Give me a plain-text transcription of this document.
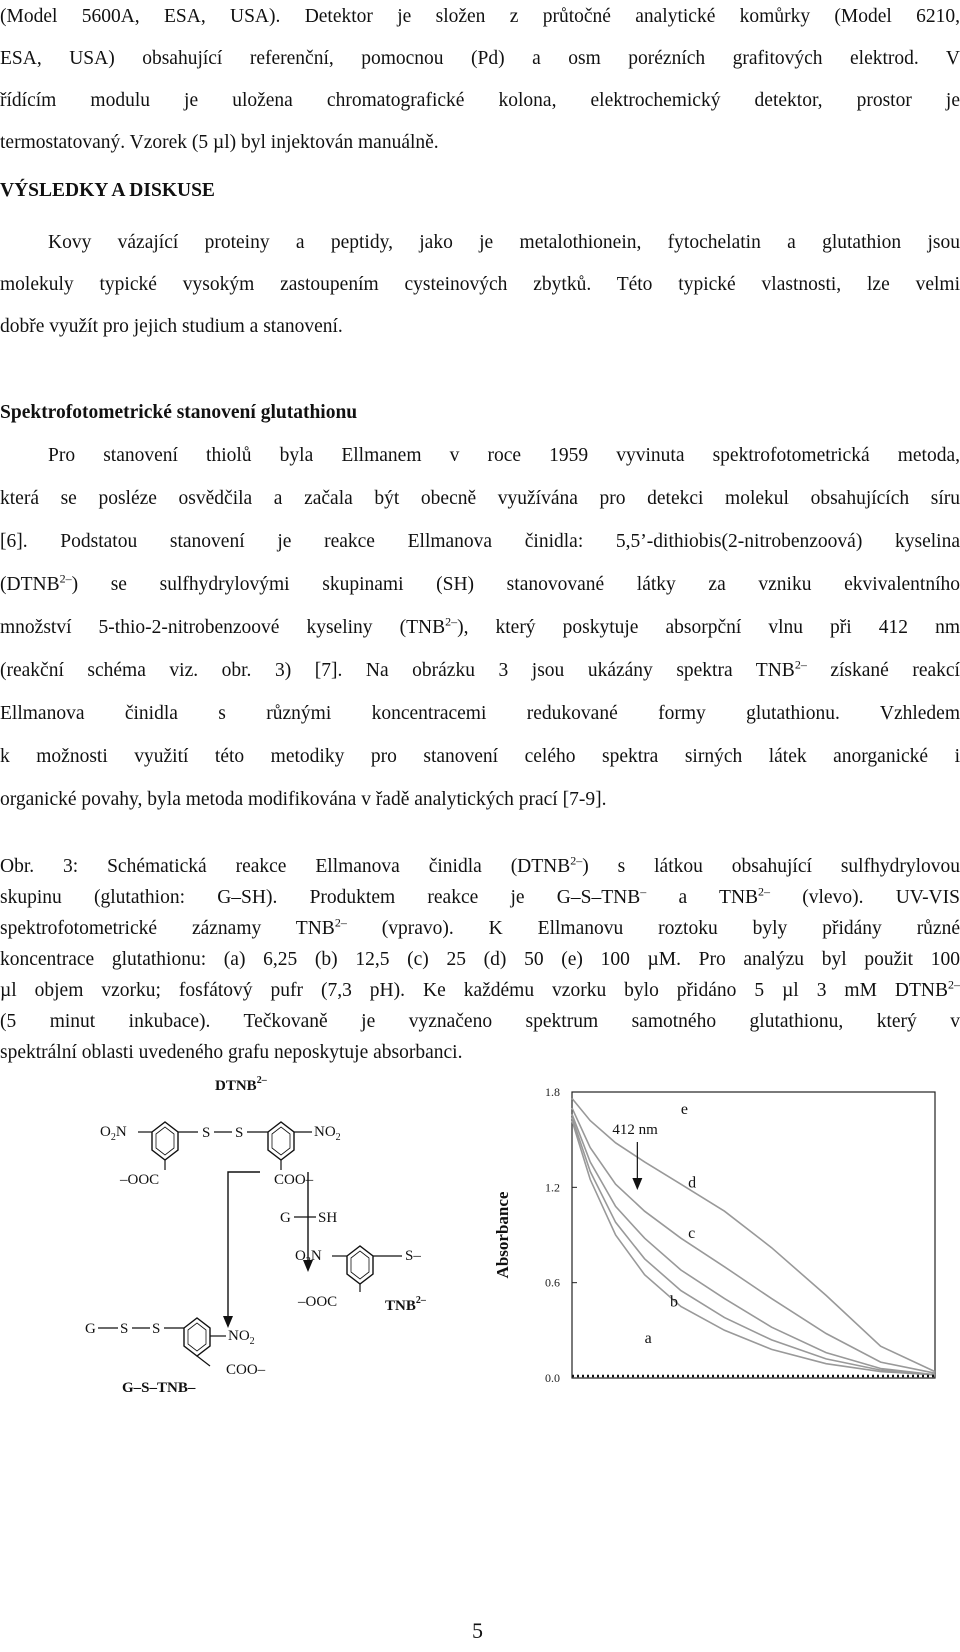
(Model 5600A, ESA, USA). Detektor je složen z průtočné analytické komůrky (Model 6210,
ESA, USA) obsahující referenční, pomocnou (Pd) a osm porézních grafitových elektrod. V
řídícím modulu je uložena chromatografické kolona, elektrochemický detektor, prostor je
termostatovaný. Vzorek (5 µl) byl injektován manuálně.
VÝSLEDKY A DISKUSE
Kovy vázající proteiny a peptidy, jako je metalothionein, fytochelatin a glutathion jsou
molekuly typické vysokým zastoupením cysteinových zbytků. Této typické vlastnosti, lze velmi
dobře využít pro jejich studium a stanovení.
Spektrofotometrické stanovení glutathionu
Pro stanovení thiolů byla Ellmanem v roce 1959 vyvinuta spektrofotometrická metoda,
která se posléze osvědčila a začala být obecně využívána pro detekci molekul obsahujících síru
[6]. Podstatou stanovení je reakce Ellmanova činidla: 5,5’-dithiobis(2-nitrobenzoová) kyselina
$(DTNB^{2-})$ se sulfhydrylovými skupinami (SH) stanovované látky za vzniku ekvivalentního
množství 5-thio-2-nitrobenzoové kyseliny $(TNB^{2-})$, který poskytuje absorpční vlnu při 412 nm
(reakční schéma viz. obr. 3) [7]. Na obrázku 3 jsou ukázány spektra $TNB^{2-}$ získané reakcí
Ellmanova činidla s různými koncentracemi redukované formy glutathionu. Vzhledem
k možnosti využití této metodiky pro stanovení celého spektra sirných látek anorganické i
organické povahy, byla metoda modifikována v řadě analytických prací [7-9].
Obr. 3: Schématická reakce Ellmanova činidla $(DTNB^{2-})$ s látkou obsahující sulfhydrylovou
skupinu (glutathion: G–SH). Produktem reakce je G–S–TNB– a $TNB^{2-}$ (vlevo). UV-VIS
spektrofotometrické záznamy $TNB^{2-}$ (vpravo). K Ellmanovu roztoku byly přidány různé
koncentrace glutathionu: (a) 6,25 (b) 12,5 (c) 25 (d) 50 (e) 100 µM. Pro analýzu byl použit 100
µl objem vzorku; fosfátový pufr (7,3 pH). Ke každému vzorku bylo přidáno 5 µl 3 mM $DTNB^{2-}$
(5 minut inkubace). Tečkovaně je vyznačeno spektrum samotného glutathionu, který v
spektrální oblasti uvedeného grafu neposkytuje absorbanci.
$DTNB^{2-}$
$O_2N$	S S	$NO_2$
–OOC	COO–
G SH
$O_2N$	S–
–OOC	$TNB^{2-}$
G S S	$NO_2$
COO–
G–S–TNB–
1.8
1.2
0.6
0.0
Absorbance
a
b
c
d
e
412 nm
5
